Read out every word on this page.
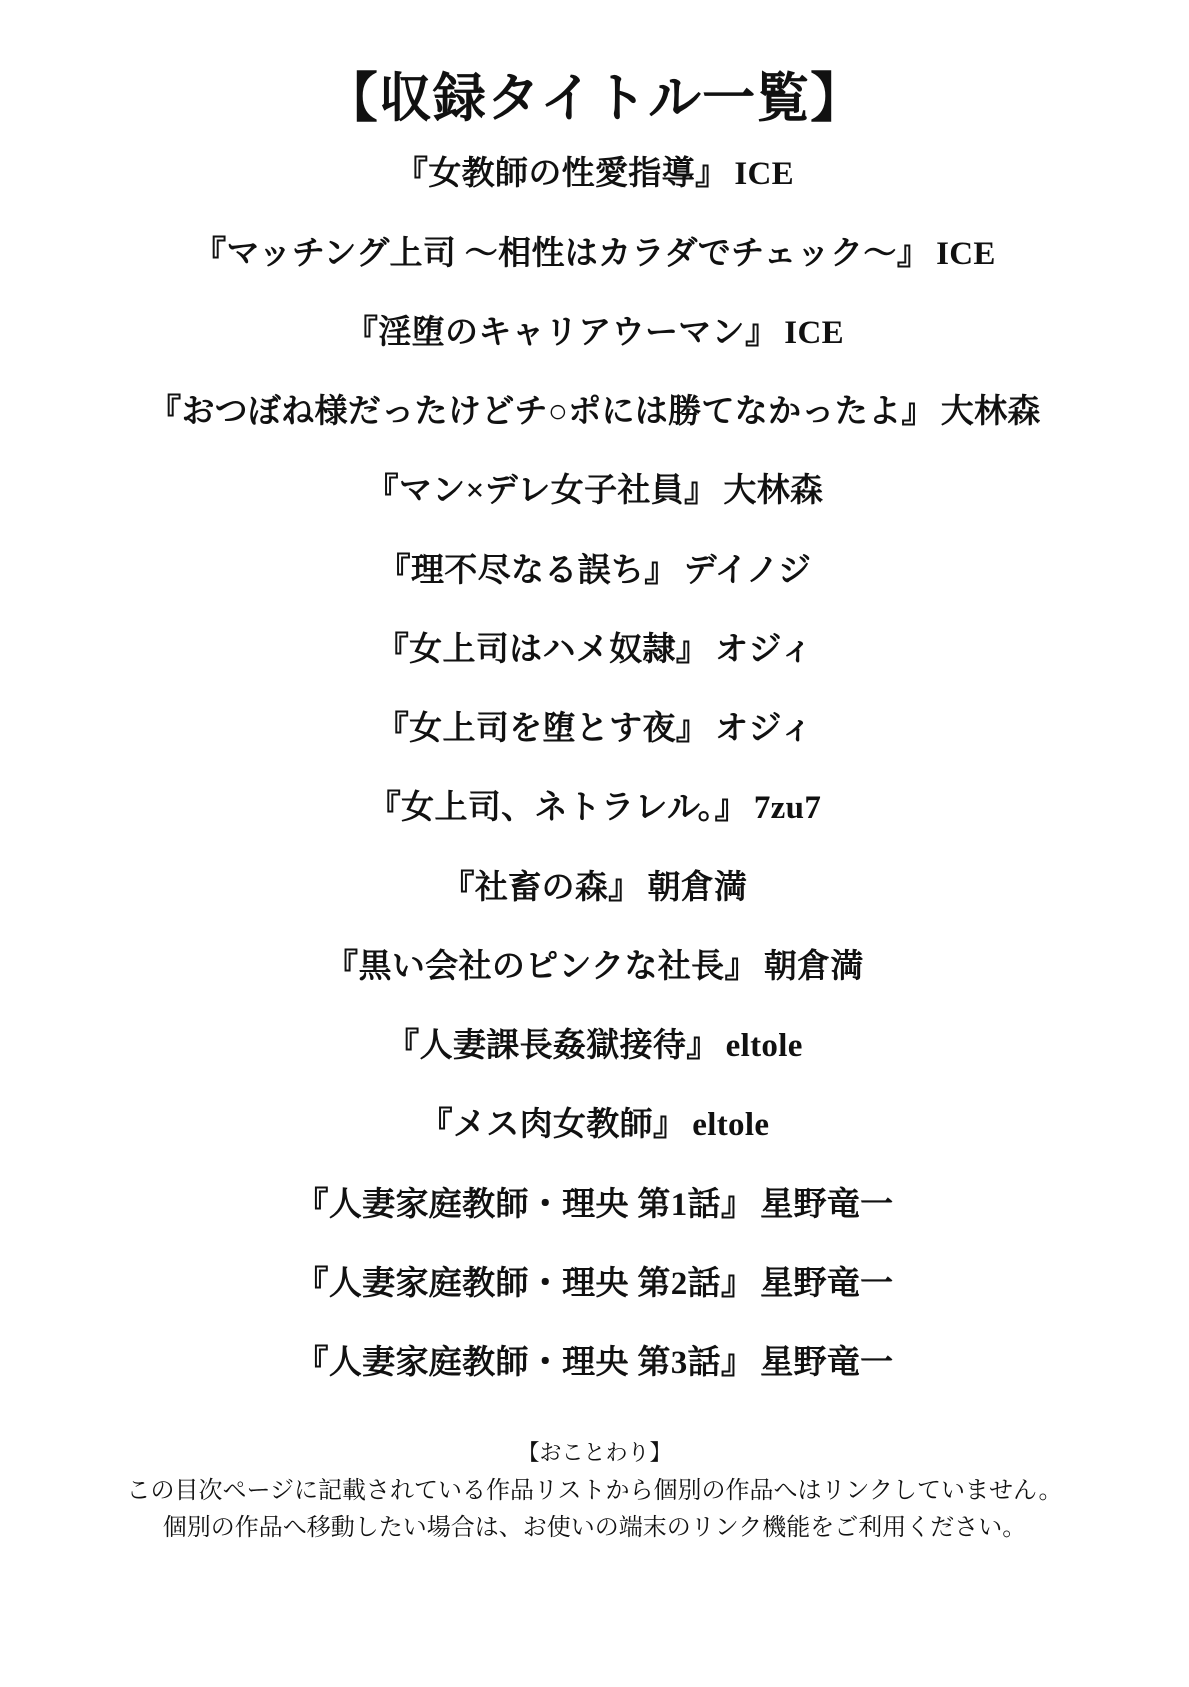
【収録タイトル一覧】
『女教師の性愛指導』 ICE
『マッチング上司 ～相性はカラダでチェック～』 ICE
『淫堕のキャリアウーマン』 ICE
『おつぼね様だったけどチ○ポには勝てなかったよ』 大林森
『マン×デレ女子社員』 大林森
『理不尽なる誤ち』 デイノジ
『女上司はハメ奴隷』 オジィ
『女上司を堕とす夜』 オジィ
『女上司、ネトラレル。』 7zu7
『社畜の森』 朝倉満
『黒い会社のピンクな社長』 朝倉満
『人妻課長姦獄接待』 eltole
『メス肉女教師』 eltole
『人妻家庭教師・理央 第1話』 星野竜一
『人妻家庭教師・理央 第2話』 星野竜一
『人妻家庭教師・理央 第3話』 星野竜一
【おことわり】
この目次ページに記載されている作品リストから個別の作品へはリンクしていません。
個別の作品へ移動したい場合は、お使いの端末のリンク機能をご利用ください。
